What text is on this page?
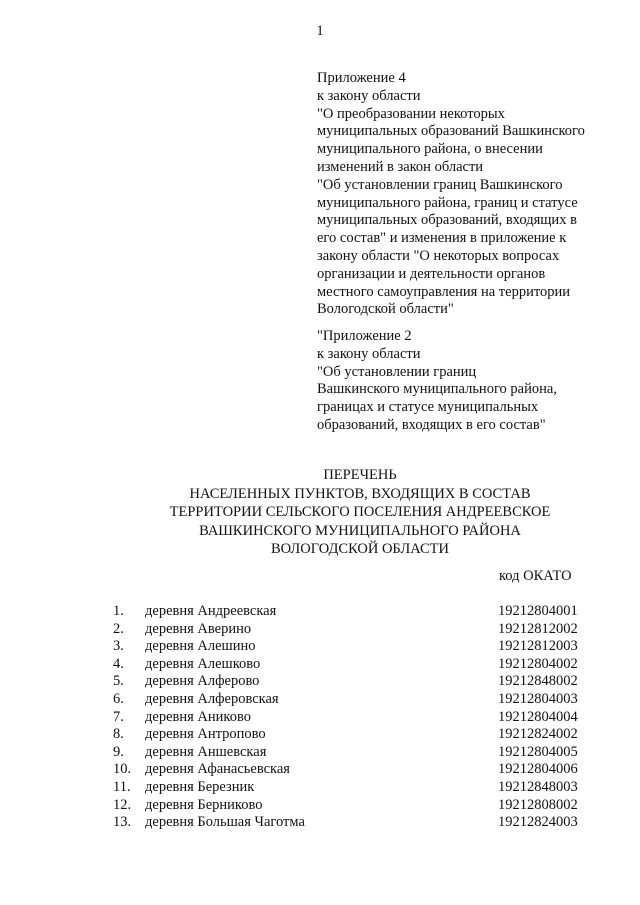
1
Приложение 4
к закону области
"О преобразовании некоторых
муниципальных образований Вашкинского
муниципального района, о внесении
изменений в закон области
"Об установлении границ Вашкинского
муниципального района, границ и статусе
муниципальных образований, входящих в
его состав" и изменения в приложение к
закону области "О некоторых вопросах
организации и деятельности органов
местного самоуправления на территории
Вологодской области"
"Приложение 2
к закону области
"Об установлении границ
Вашкинского муниципального района,
границах и статусе муниципальных
образований, входящих в его состав"
ПЕРЕЧЕНЬ
НАСЕЛЕННЫХ ПУНКТОВ, ВХОДЯЩИХ В СОСТАВ
ТЕРРИТОРИИ СЕЛЬСКОГО ПОСЕЛЕНИЯ АНДРЕЕВСКОЕ
ВАШКИНСКОГО МУНИЦИПАЛЬНОГО РАЙОНА
ВОЛОГОДСКОЙ ОБЛАСТИ
код ОКАТО
1. деревня Андреевская	19212804001
2. деревня Аверино	19212812002
3. деревня Алешино	19212812003
4. деревня Алешково	19212804002
5. деревня Алферово	19212848002
6. деревня Алферовская	19212804003
7. деревня Аниково	19212804004
8. деревня Антропово	19212824002
9. деревня Аншевская	19212804005
10. деревня Афанасьевская	19212804006
11. деревня Березник	19212848003
12. деревня Берниково	19212808002
13. деревня Большая Чаготма	19212824003
